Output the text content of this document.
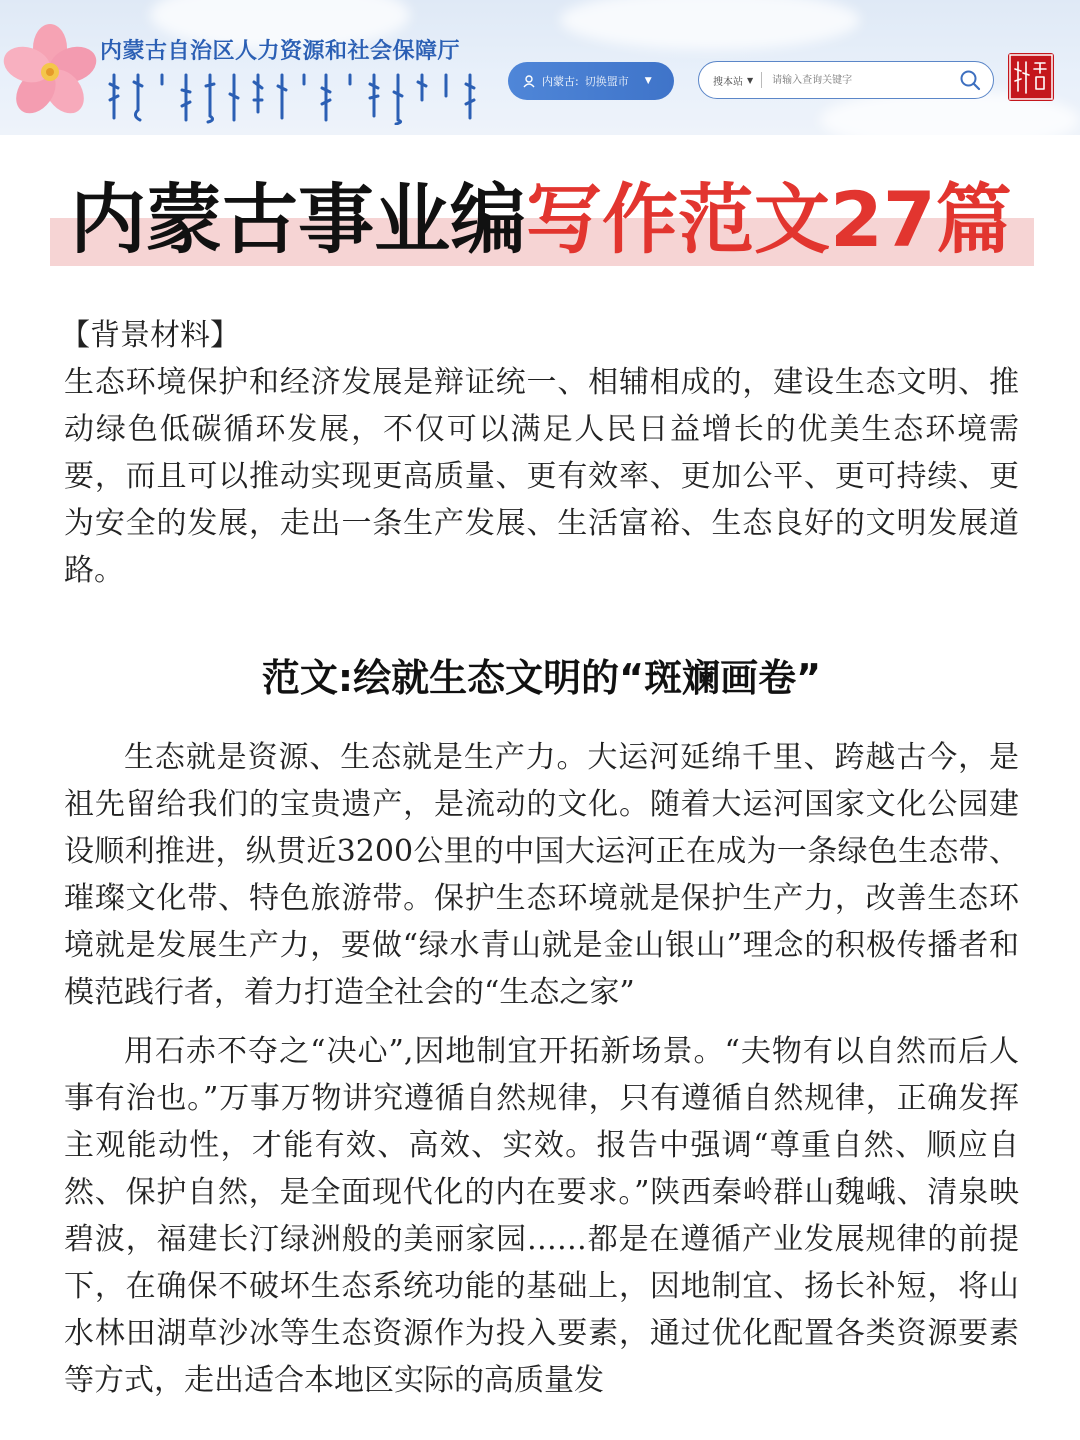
内蒙古自治区人力资源和社会保障厅
内蒙古: 切换盟市 ▼	搜本站 ▼
请输入查询关键字
内蒙古事业编写作范文27篇
【背景材料】

生态环境保护和经济发展是辩证统一、相辅相成的，建设生态文明、推动绿色低碳循环发展，不仅可以满足人民日益增长的优美生态环境需要，而且可以推动实现更高质量、更有效率、更加公平、更可持续、更为安全的发展，走出一条生产发展、生活富裕、生态良好的文明发展道路。

范文:绘就生态文明的“斑斓画卷”

生态就是资源、生态就是生产力。大运河延绵千里、跨越古今，是祖先留给我们的宝贵遗产，是流动的文化。随着大运河国家文化公园建设顺利推进，纵贯近3200公里的中国大运河正在成为一条绿色生态带、璀璨文化带、特色旅游带。保护生态环境就是保护生产力，改善生态环境就是发展生产力，要做“绿水青山就是金山银山”理念的积极传播者和模范践行者，着力打造全社会的“生态之家”

用石赤不夺之“决心”,因地制宜开拓新场景。“夫物有以自然而后人事有治也。”万事万物讲究遵循自然规律，只有遵循自然规律，正确发挥主观能动性，才能有效、高效、实效。报告中强调“尊重自然、顺应自然、保护自然，是全面现代化的内在要求。”陕西秦岭群山魏峨、清泉映碧波，福建长汀绿洲般的美丽家园……都是在遵循产业发展规律的前提下，在确保不破坏生态系统功能的基础上，因地制宜、扬长补短，将山水林田湖草沙冰等生态资源作为投入要素，通过优化配置各类资源要素等方式，走出适合本地区实际的高质量发
